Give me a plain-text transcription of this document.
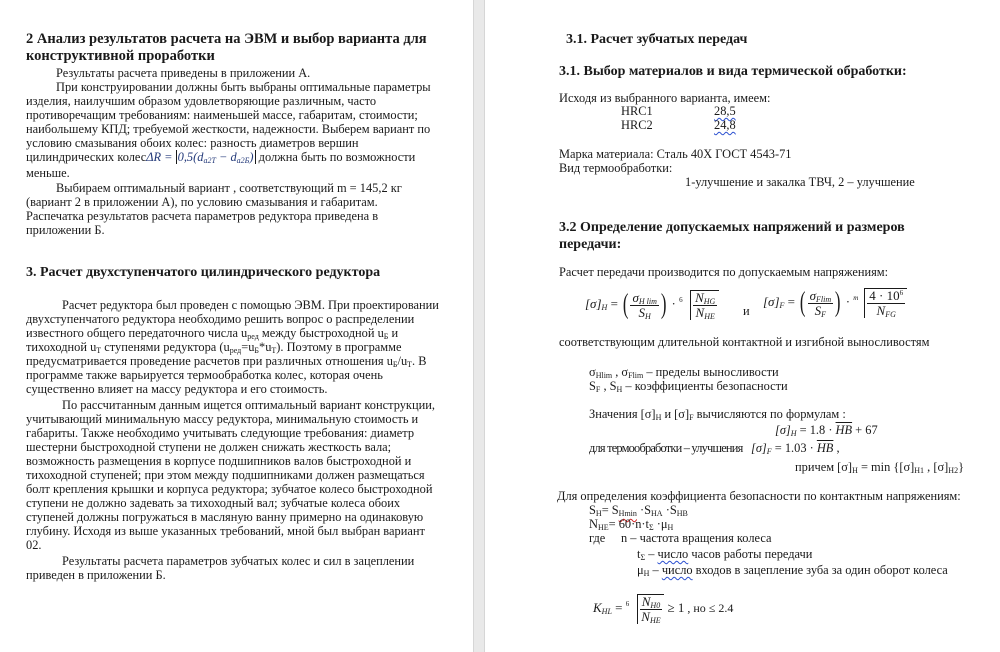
2 Анализ результатов расчета на ЭВМ и выбор варианта для
конструктивной проработки
Результаты расчета приведены в приложении А.
При конструировании должны быть выбраны оптимальные параметры
изделия, наилучшим образом удовлетворяющие различным, часто
противоречащим требованиям: наименьшей массе, габаритам, стоимости;
наибольшему КПД; требуемой жесткости, надежности. Выберем вариант по
условию смазывания обоих колес: разность диаметров вершин
цилиндрических колесΔR = $0,5(d_{a2T} - d_{a2Б})$ должна быть по возможности
меньше.
Выбираем оптимальный вариант , соответствующий m = 145,2 кг
(вариант 2 в приложении А), по условию смазывания и габаритам.
Распечатка результатов расчета параметров редуктора приведена в
приложении Б.
3. Расчет двухступенчатого цилиндрического редуктора
Расчет редуктора был проведен с помощью ЭВМ. При проектировании
двухступенчатого редуктора необходимо решить вопрос о распределении
известного общего передаточного числа $u_{ред}$ между быстроходной $u_Б$ и
тихоходной $u_Т$ ступенями редуктора $(u_{ред}=u_Б*u_Т)$. Поэтому в программе
предусматривается проведение расчетов при различных отношения $u_Б/u_Т$. В
программе также варьируется термообработка колес, которая очень
существенно влияет на массу редуктора и его стоимость.
По рассчитанным данным ищется оптимальный вариант конструкции,
учитывающий минимальную массу редуктора, минимальную стоимость и
габариты. Также необходимо учитывать следующие требования: диаметр
шестерни быстроходной ступени не должен снижать жесткость вала;
возможность размещения в корпусе подшипников валов быстроходной и
тихоходной ступеней; при этом между подшипниками должен размещаться
болт крепления крышки и корпуса редуктора; зубчатое колесо быстроходной
ступени не должно задевать за тихоходный вал; зубчатые колеса обоих
ступеней должны погружаться в масляную ванну примерно на одинаковую
глубину. Исходя из выше указанных требований, мной был выбран вариант
02.
Результаты расчета параметров зубчатых колес и сил в зацеплении
приведен в приложении Б.
3.1. Расчет зубчатых передач
3.1. Выбор материалов и вида термической обработки:
Исходя из выбранного варианта, имеем:
HRC1	28,5
HRC2	24,8
Марка материала: Сталь 40Х ГОСТ 4543-71
Вид термообработки:
1-улучшение и закалка ТВЧ, 2 – улучшение
3.2 Определение допускаемых напряжений и размеров
передачи:
Расчет передачи производится по допускаемым напряжениям:
$[\sigma]_H$ = ( $\frac{\sigma_{H lim}}{S_H}$ ) · $6 \frac{N_{HG}}{N_{HE}}$ и
$[\sigma]_F$ = ( $\frac{\sigma_{Flim}}{S_F}$ ) · m $\frac{4 \cdot 10^6}{N_{FG}}$
соответствующим длительной контактной и изгибной выносливостям
$\sigma_{Hlim}$ , $\sigma_{Flim}$ – пределы выносливости
$S_F$ , $S_H$ – коэффициенты безопасности
Значения $[\sigma]_H$ и $[\sigma]_F$ вычисляются по формулам :
$[\sigma]_H = 1.8 \cdot \overline{HB} + 67$
для термообработки – улучшения $[\sigma]_F = 1.03 \cdot \overline{HB}$ ,
причем $[\sigma]_H = \min \{[\sigma]_{H1}$ , $[\sigma]_{H2}$}
Для определения коэффициента безопасности по контактным напряжениям:
$S_H= S_{Hmin} \cdot S_{HA} \cdot S_{HB}$
$N_{HE}= 60\cdot n\cdot t_\Sigma \cdot\mu_H$
где n – частота вращения колеса
$t_\Sigma$ – число часов работы передачи
$\mu_H$ – число входов в зацепление зуба за один оборот колеса
$K_{HL} = 6 \frac{N_{H0}}{N_{HE}} \ge 1$ , но ≤ 2.4
